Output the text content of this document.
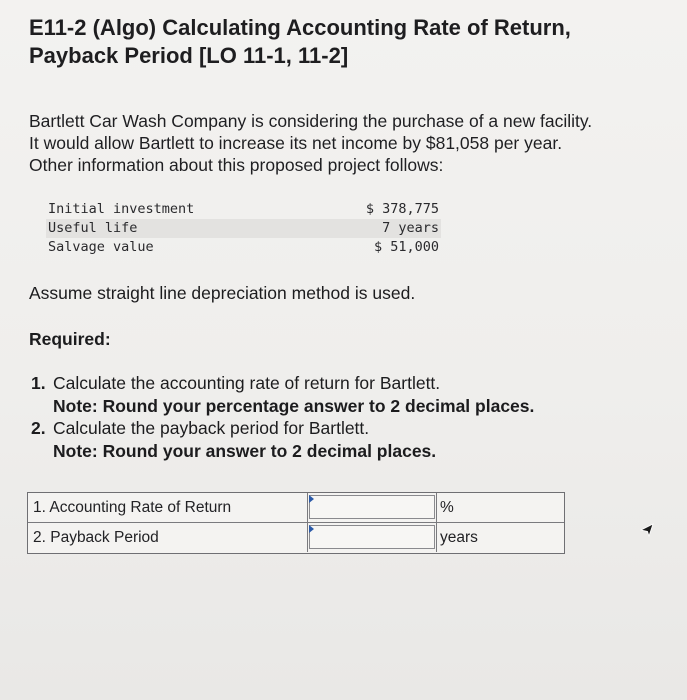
E11-2 (Algo) Calculating Accounting Rate of Return,
Payback Period [LO 11-1, 11-2]

Bartlett Car Wash Company is considering the purchase of a new facility.
It would allow Bartlett to increase its net income by $81,058 per year.
Other information about this proposed project follows:

Initial investment	$ 378,775
Useful life	7 years
Salvage value	$ 51,000

Assume straight line depreciation method is used.

Required:

1. Calculate the accounting rate of return for Bartlett.
Note: Round your percentage answer to 2 decimal places.
2. Calculate the payback period for Bartlett.
Note: Round your answer to 2 decimal places.
1. Accounting Rate of Return	%
2. Payback Period	years
